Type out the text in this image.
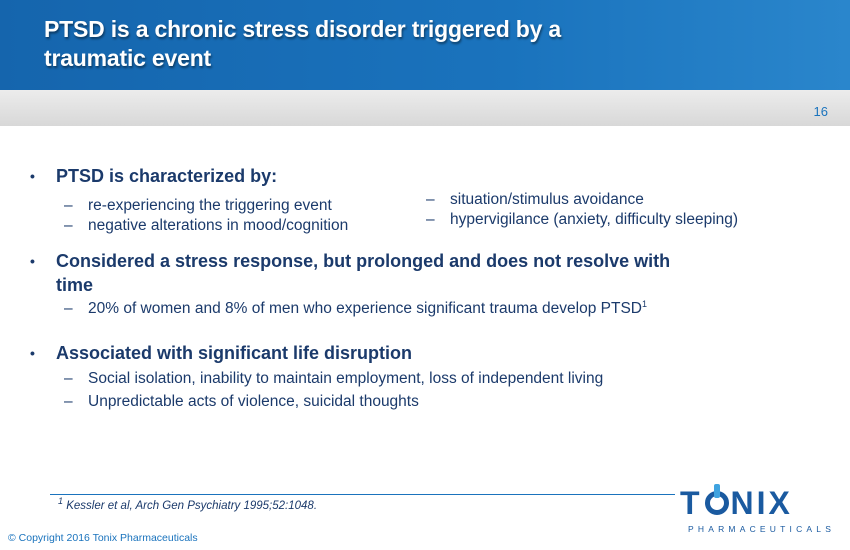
PTSD is a chronic stress disorder triggered by a
traumatic event
16
• PTSD is characterized by:
– re-experiencing the triggering event
– negative alterations in mood/cognition
– situation/stimulus avoidance
– hypervigilance (anxiety, difficulty sleeping)
• Considered a stress response, but prolonged and does not resolve with
time
– 20% of women and 8% of men who experience significant trauma develop PTSD$^1$
• Associated with significant life disruption
– Social isolation, inability to maintain employment, loss of independent living
– Unpredictable acts of violence, suicidal thoughts
$^1$ Kessler et al, Arch Gen Psychiatry 1995;52:1048.
© Copyright 2016 Tonix Pharmaceuticals
T NIX
PHARMACEUTICALS
